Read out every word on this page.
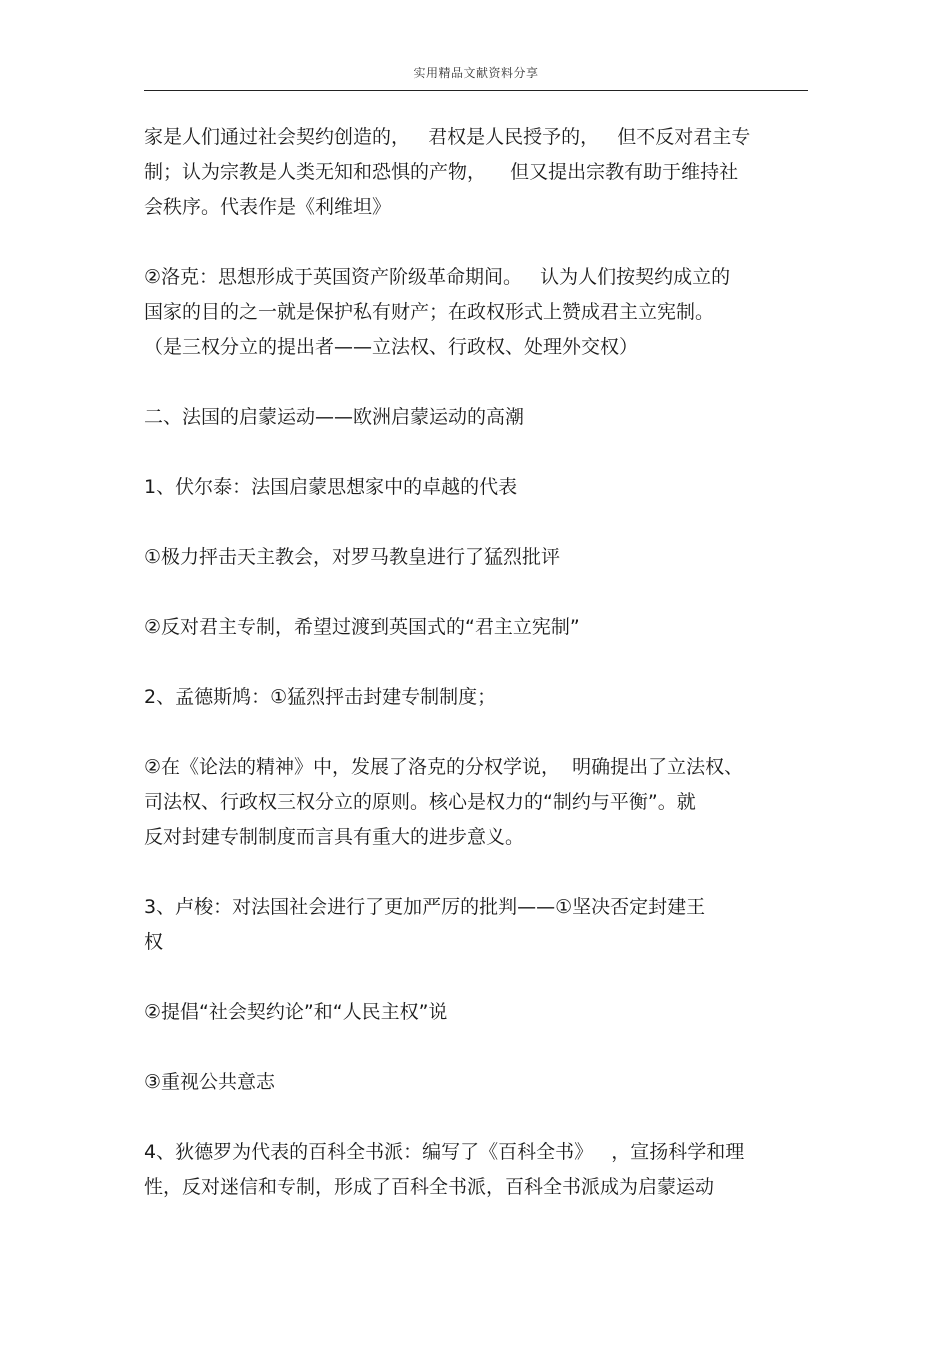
实用精品文献资料分享

家是人们通过社会契约创造的，   君权是人民授予的，   但不反对君主专
制；认为宗教是人类无知和恐惧的产物，    但又提出宗教有助于维持社
会秩序。代表作是《利维坦》

②洛克：思想形成于英国资产阶级革命期间。   认为人们按契约成立的
国家的目的之一就是保护私有财产；在政权形式上赞成君主立宪制。
（是三权分立的提出者——立法权、行政权、处理外交权）

二、法国的启蒙运动——欧洲启蒙运动的高潮

1、伏尔泰：法国启蒙思想家中的卓越的代表

①极力抨击天主教会，对罗马教皇进行了猛烈批评

②反对君主专制，希望过渡到英国式的“君主立宪制”

2、孟德斯鸠：①猛烈抨击封建专制制度；

②在《论法的精神》中，发展了洛克的分权学说，  明确提出了立法权、
司法权、行政权三权分立的原则。核心是权力的“制约与平衡”。就
反对封建专制制度而言具有重大的进步意义。

3、卢梭：对法国社会进行了更加严厉的批判——①坚决否定封建王
权

②提倡“社会契约论”和“人民主权”说

③重视公共意志

4、狄德罗为代表的百科全书派：编写了《百科全书》   ，宣扬科学和理
性，反对迷信和专制，形成了百科全书派，百科全书派成为启蒙运动
